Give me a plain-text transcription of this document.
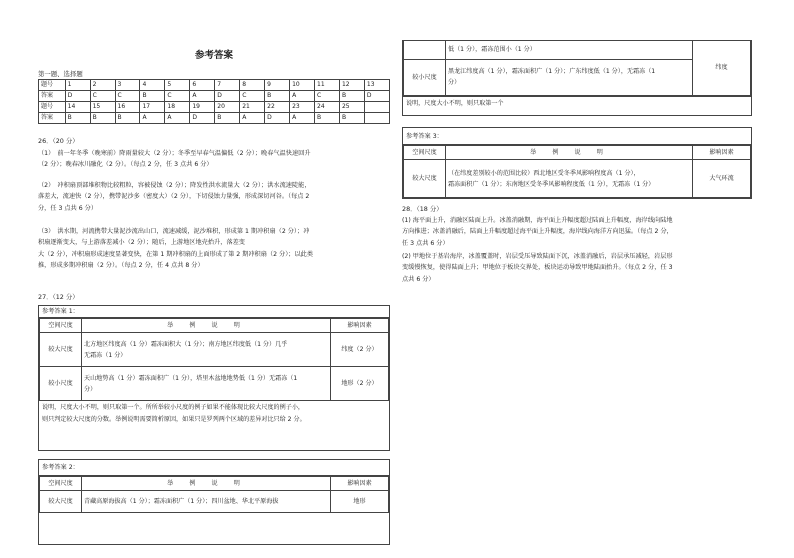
参考答案
第一题、选择题
题号	1	2	3	4	5	6	7	8	9	10	11	12	13
答案	D	C	C	B	C	A	D	C	B	A	C	B	D
题号	14	15	16	17	18	19	20	21	22	23	24	25	
答案	B	B	B	A	A	D	B	A	D	A	B	B	
26．（20 分）
（1）　前一年冬季（晚寒前）降雨量较大（2 分）；冬季至早春气温偏低（2 分）；晚春气温快速回升
（2 分）；晚春冰川融化（2 分）。（每点 2 分，任 3 点共 6 分）
（2）　冲积扇顶部堆积物比较粗粒，容被侵蚀（2 分）；降发性洪水流量大（2 分）；洪水流速陡能，
落差大，流速快（2 分），携带泥沙多（密度大）（2 分），下切侵蚀力量强，形成深切河谷。（每点 2
分，任 3 点共 6 分）
（3）　洪水期，河流携带大量泥沙流出山口，流速减缓，泥沙堆积，形成第 1 期冲积扇（2 分）；冲
积扇逐渐变大，与上游落差减小（2 分）；随后，上游地区地壳抬升，落差变
大（2 分），冲积扇形成速度显著变快，在第 1 期冲积扇的上面形成了第 2 期冲积扇（2 分）；以此类
推，形成多期冲积扇（2 分）。（每点 2 分，任 4 点共 8 分）
27．（12 分）
参考答案 1：
空间尺度	举　例　说　明	影响因素
较大尺度	北方地区纬度高（1 分）霜冻面积大（1 分）；南方地区纬度低（1 分）几乎
无霜冻（1 分）	纬度（2 分）
较小尺度	天山地势高（1 分）霜冻面积广（1 分），塔里木盆地地势低（1 分）无霜冻（1
分）	地形（2 分）
说明，尺度大小不明，则只取第一个。所所举较小尺度的例子如果不能体现比较大尺度的例子小，
则只判定较大尺度的分数。举例说明需要简析原因，如果只是罗列两个区域的差异对比只给 2 分。
参考答案 2：
空间尺度	举　例　说　明	影响因素
较大尺度	青藏高原海拔高（1 分）；霜冻面积广（1 分）；四川盆地、华北平原海拔	地形
	低（1 分），霜冻范围小（1 分）	纬度
较小尺度	黑龙江纬度高（1 分），霜冻面积广（1 分）；广东纬度低（1 分），无霜冻（1
分）	
说明，尺度大小不明，则只取第一个
参考答案 3：
空间尺度	举　例　说　明	影响因素
较大尺度	（在纬度差别较小的范围比较）西北地区受冬季风影响程度高（1 分），
霜冻面积广（1 分）；东南地区受冬季风影响程度低（1 分），无霜冻（1 分）	大气环流
28．（18 分）
(1) 海平面上升，消融区陆面上升。冰盖消融期，海平面上升幅度超过陆面上升幅度，海岸线向陆地
方向推进；冰盖消融后，陆面上升幅度超过海平面上升幅度，海岸线向海洋方向迅猛。（每点 2 分，
任 3 点共 6 分）
(2) 甲地位于基岩海岸，冰盖覆盖时，岩层受压导致陆面下沉，冰盖消融后，岩层承压减轻，岩层形
变缓慢恢复，使得陆面上升；甲地位于板块交界处，板块运动导致甲地陆面抬升。（每点 2 分，任 3
点共 6 分）
